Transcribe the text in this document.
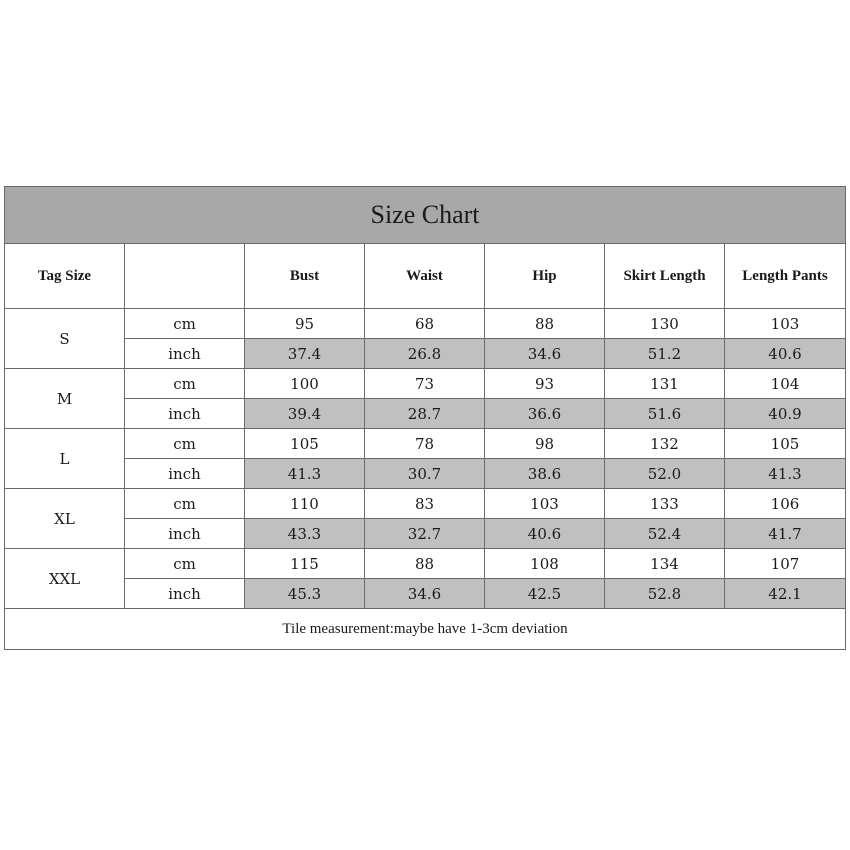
Size Chart						
Tag Size		Bust	Waist	Hip	Skirt Length	Length Pants
S	cm	95	68	88	130	103
	inch	37.4	26.8	34.6	51.2	40.6
M	cm	100	73	93	131	104
	inch	39.4	28.7	36.6	51.6	40.9
L	cm	105	78	98	132	105
	inch	41.3	30.7	38.6	52.0	41.3
XL	cm	110	83	103	133	106
	inch	43.3	32.7	40.6	52.4	41.7
XXL	cm	115	88	108	134	107
	inch	45.3	34.6	42.5	52.8	42.1
Tile measurement:maybe have 1-3cm deviation						
